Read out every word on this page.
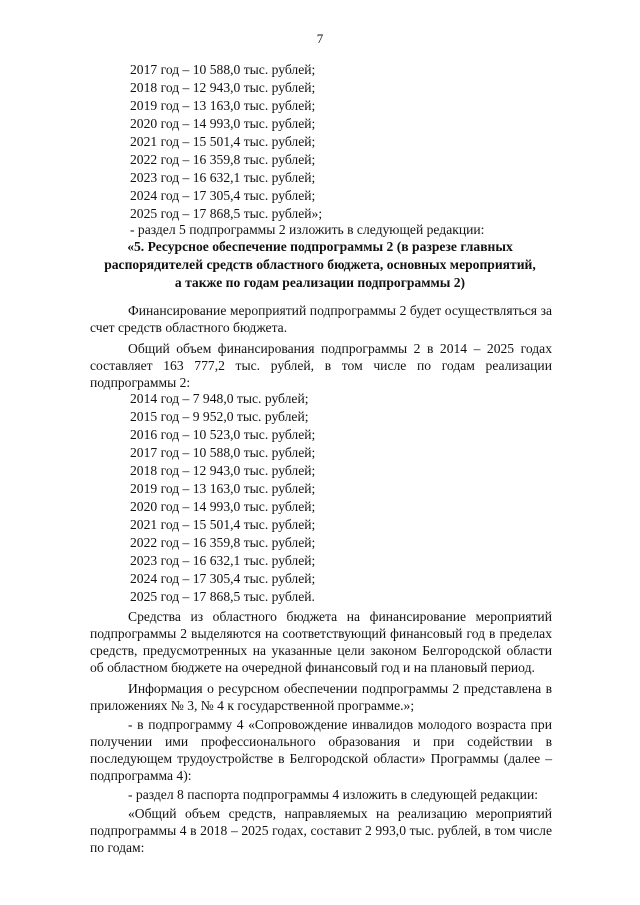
7
2017 год – 10 588,0 тыс. рублей;
2018 год – 12 943,0 тыс. рублей;
2019 год – 13 163,0 тыс. рублей;
2020 год – 14 993,0 тыс. рублей;
2021 год – 15 501,4 тыс. рублей;
2022 год – 16 359,8 тыс. рублей;
2023 год – 16 632,1 тыс. рублей;
2024 год – 17 305,4 тыс. рублей;
2025 год – 17 868,5 тыс. рублей»;
- раздел 5 подпрограммы 2 изложить в следующей редакции:
«5. Ресурсное обеспечение подпрограммы 2 (в разрезе главных
распорядителей средств областного бюджета, основных мероприятий,
а также по годам реализации подпрограммы 2)
Финансирование мероприятий подпрограммы 2 будет осуществляться за счет средств областного бюджета.
Общий объем финансирования подпрограммы 2 в 2014 – 2025 годах составляет 163 777,2 тыс. рублей, в том числе по годам реализации подпрограммы 2:
2014 год – 7 948,0 тыс. рублей;
2015 год – 9 952,0 тыс. рублей;
2016 год – 10 523,0 тыс. рублей;
2017 год – 10 588,0 тыс. рублей;
2018 год – 12 943,0 тыс. рублей;
2019 год – 13 163,0 тыс. рублей;
2020 год – 14 993,0 тыс. рублей;
2021 год – 15 501,4 тыс. рублей;
2022 год – 16 359,8 тыс. рублей;
2023 год – 16 632,1 тыс. рублей;
2024 год – 17 305,4 тыс. рублей;
2025 год – 17 868,5 тыс. рублей.
Средства из областного бюджета на финансирование мероприятий подпрограммы 2 выделяются на соответствующий финансовый год в пределах средств, предусмотренных на указанные цели законом Белгородской области об областном бюджете на очередной финансовый год и на плановый период.
Информация о ресурсном обеспечении подпрограммы 2 представлена в приложениях № 3, № 4 к государственной программе.»;
- в подпрограмму 4 «Сопровождение инвалидов молодого возраста при получении ими профессионального образования и при содействии в последующем трудоустройстве в Белгородской области» Программы (далее – подпрограмма 4):
- раздел 8 паспорта подпрограммы 4 изложить в следующей редакции:
«Общий объем средств, направляемых на реализацию мероприятий подпрограммы 4 в 2018 – 2025 годах, составит 2 993,0 тыс. рублей, в том числе по годам:
